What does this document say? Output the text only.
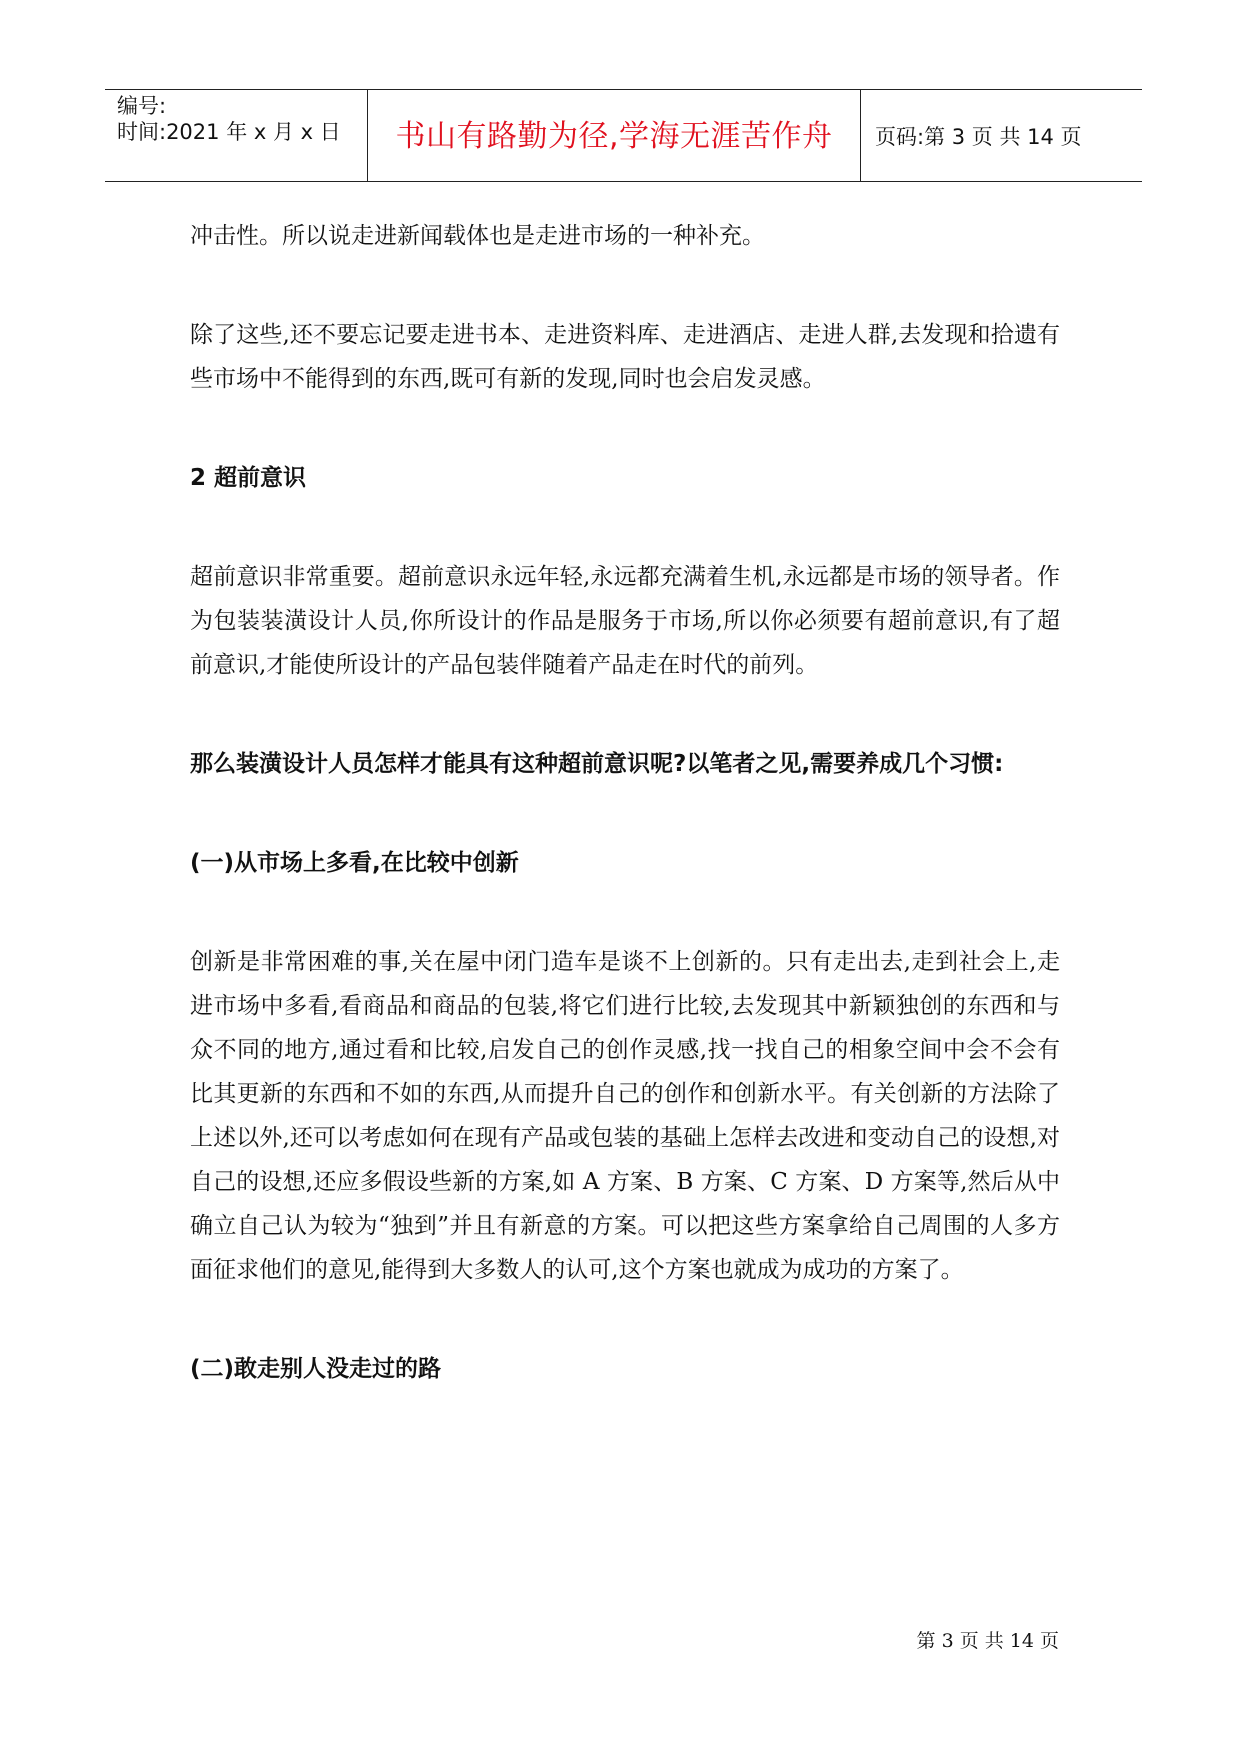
编号:
时间:2021 年 x 月 x 日	书山有路勤为径,学海无涯苦作舟	页码:第 3 页 共 14 页

冲击性。所以说走进新闻载体也是走进市场的一种补充。

除了这些,还不要忘记要走进书本、走进资料库、走进酒店、走进人群,去发现和拾遗有些市场中不能得到的东西,既可有新的发现,同时也会启发灵感。

2 超前意识

超前意识非常重要。超前意识永远年轻,永远都充满着生机,永远都是市场的领导者。作为包装装潢设计人员,你所设计的作品是服务于市场,所以你必须要有超前意识,有了超前意识,才能使所设计的产品包装伴随着产品走在时代的前列。

那么装潢设计人员怎样才能具有这种超前意识呢?以笔者之见,需要养成几个习惯:
(一)从市场上多看,在比较中创新

创新是非常困难的事,关在屋中闭门造车是谈不上创新的。只有走出去,走到社会上,走进市场中多看,看商品和商品的包装,将它们进行比较,去发现其中新颖独创的东西和与众不同的地方,通过看和比较,启发自己的创作灵感,找一找自己的相象空间中会不会有比其更新的东西和不如的东西,从而提升自己的创作和创新水平。有关创新的方法除了上述以外,还可以考虑如何在现有产品或包装的基础上怎样去改进和变动自己的设想,对自己的设想,还应多假设些新的方案,如 A 方案、B 方案、C 方案、D 方案等,然后从中确立自己认为较为“独到”并且有新意的方案。可以把这些方案拿给自己周围的人多方面征求他们的意见,能得到大多数人的认可,这个方案也就成为成功的方案了。

(二)敢走别人没走过的路
第 3 页 共 14 页
